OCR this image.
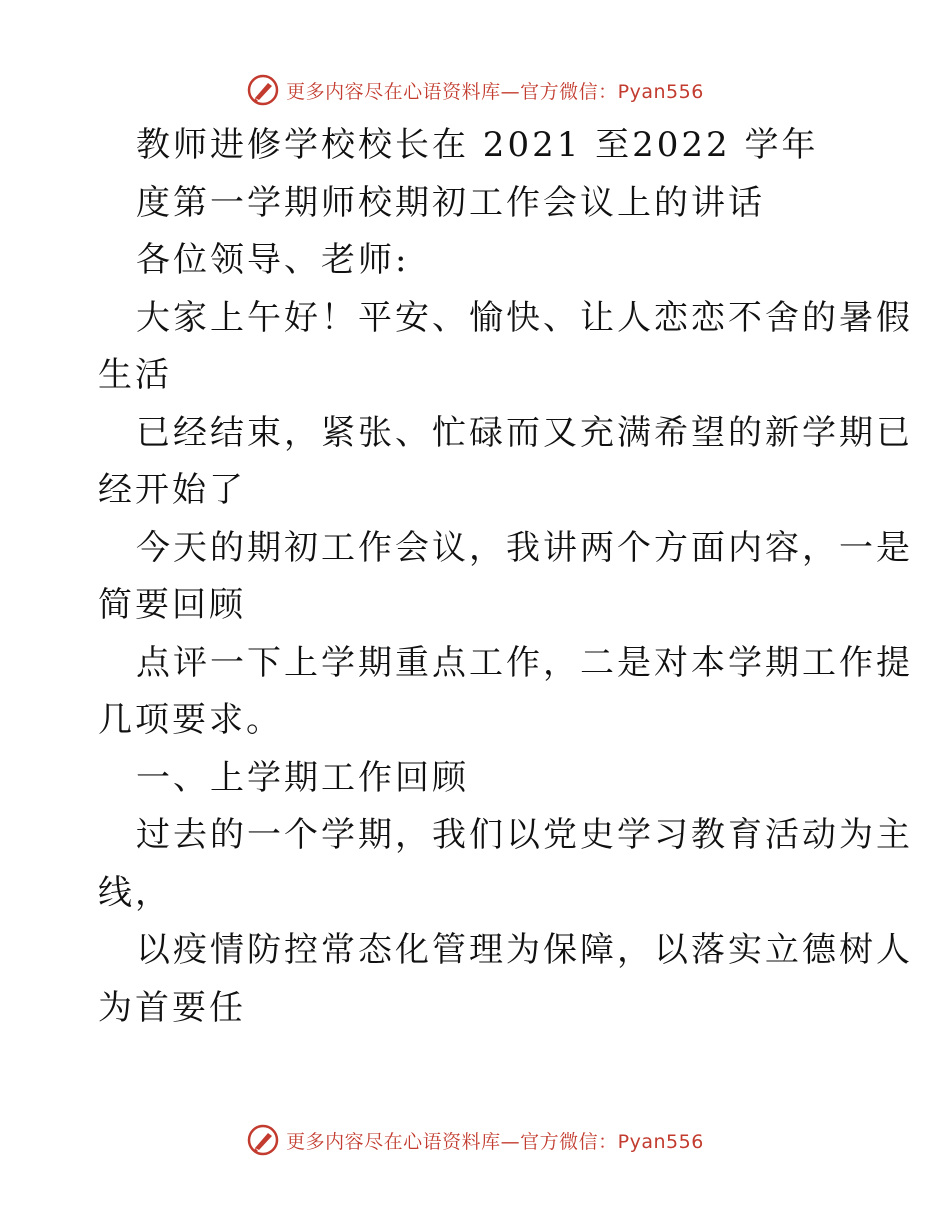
更多内容尽在心语资料库—官方微信：Pyan556
教师进修学校校长在 2021 至2022 学年
度第一学期师校期初工作会议上的讲话
各位领导、老师:
大家上午好！平安、愉快、让人恋恋不舍的暑假
生活
已经结束，紧张、忙碌而又充满希望的新学期已
经开始了
今天的期初工作会议，我讲两个方面内容，一是
简要回顾
点评一下上学期重点工作，二是对本学期工作提
几项要求。
一、上学期工作回顾
过去的一个学期，我们以党史学习教育活动为主
线，
以疫情防控常态化管理为保障，以落实立德树人
为首要任
更多内容尽在心语资料库—官方微信：Pyan556
